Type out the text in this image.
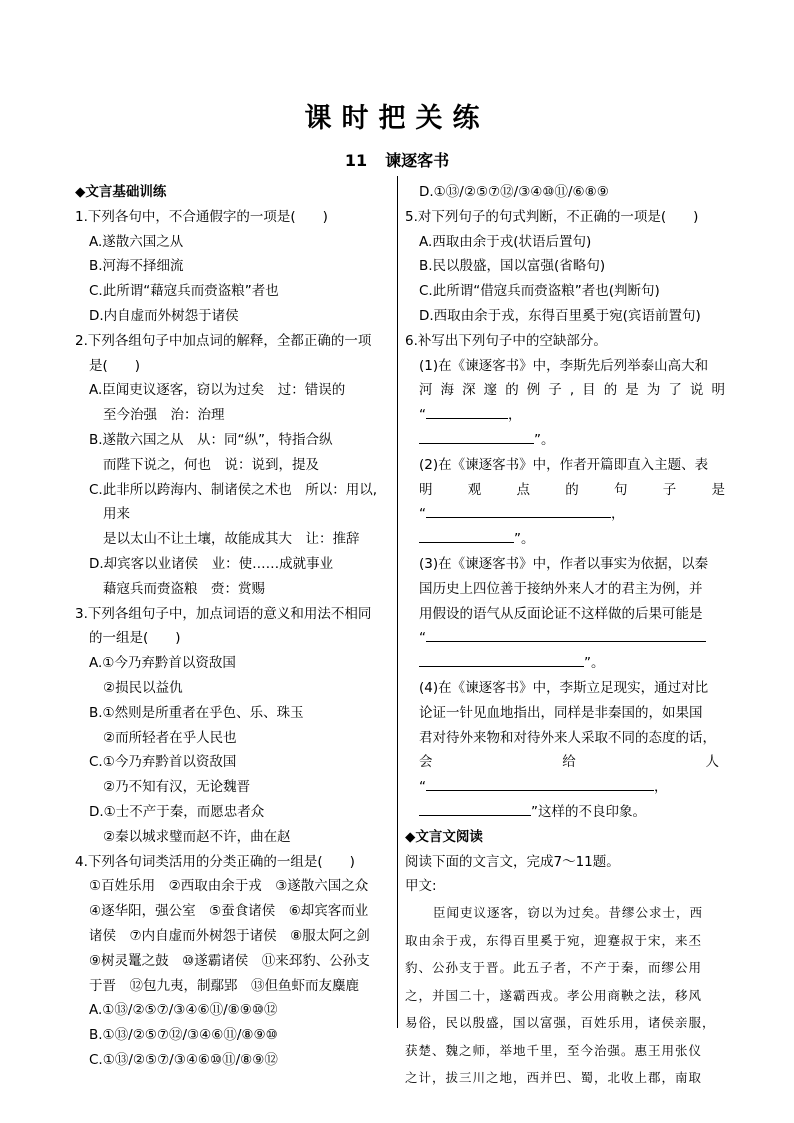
课时把关练
11 谏逐客书
◆文言基础训练
1.下列各句中，不合通假字的一项是(　　)
A.遂散六国之从
B.河海不择细流
C.此所谓“藉寇兵而赍盗粮”者也
D.内自虚而外树怨于诸侯
2.下列各组句子中加点词的解释，全都正确的一项
是(　　)
A.臣闻吏议逐客，窃以为过矣　过：错误的
至今治强　治：治理
B.遂散六国之从　从：同“纵”，特指合纵
而陛下说之，何也　说：说到，提及
C.此非所以跨海内、制诸侯之术也　所以：用以,
用来
是以太山不让土壤，故能成其大　让：推辞
D.却宾客以业诸侯　业：使……成就事业
藉寇兵而赍盗粮　赍：赏赐
3.下列各组句子中，加点词语的意义和用法不相同
的一组是(　　)
A.①今乃弃黔首以资敌国
②损民以益仇
B.①然则是所重者在乎色、乐、珠玉
②而所轻者在乎人民也
C.①今乃弃黔首以资敌国
②乃不知有汉，无论魏晋
D.①士不产于秦，而愿忠者众
②秦以城求璧而赵不许，曲在赵
4.下列各句词类活用的分类正确的一组是(　　)
①百姓乐用　②西取由余于戎　③遂散六国之众
④逐华阳，强公室　⑤蚕食诸侯　⑥却宾客而业
诸侯　⑦内自虚而外树怨于诸侯　⑧服太阿之剑
⑨树灵鼍之鼓　⑩遂霸诸侯　⑪来邳豹、公孙支
于晋　⑫包九夷，制鄢郢　⑬但鱼虾而友麋鹿
A.①⑬/②⑤⑦/③④⑥⑪/⑧⑨⑩⑫
B.①⑬/②⑤⑦⑫/③④⑥⑪/⑧⑨⑩
C.①⑬/②⑤⑦/③④⑥⑩⑪/⑧⑨⑫
D.①⑬/②⑤⑦⑫/③④⑩⑪/⑥⑧⑨
5.对下列句子的句式判断，不正确的一项是(　　)
A.西取由余于戎(状语后置句)
B.民以殷盛，国以富强(省略句)
C.此所谓“借寇兵而赍盗粮”者也(判断句)
D.西取由余于戎，东得百里奚于宛(宾语前置句)
6.补写出下列句子中的空缺部分。
(1)在《谏逐客书》中，李斯先后列举泰山高大和
河 海 深 邃 的 例 子 , 目 的 是 为 了 说 明
“	，
”。
(2)在《谏逐客书》中，作者开篇即直入主题、表
明	观	点	的	句	子	是
“	，
”。
(3)在《谏逐客书》中，作者以事实为依据，以秦
国历史上四位善于接纳外来人才的君主为例，并
用假设的语气从反面论证不这样做的后果可能是
“
”。
(4)在《谏逐客书》中，李斯立足现实，通过对比
论证一针见血地指出，同样是非秦国的，如果国
君对待外来物和对待外来人采取不同的态度的话，
会	给	人
“	，
”这样的不良印象。
◆文言文阅读
阅读下面的文言文，完成7～11题。
甲文:
臣闻吏议逐客，窃以为过矣。昔缪公求士，西
取由余于戎，东得百里奚于宛，迎蹇叔于宋，来丕
豹、公孙支于晋。此五子者，不产于秦，而缪公用
之，并国二十，遂霸西戎。孝公用商鞅之法，移风
易俗，民以殷盛，国以富强，百姓乐用，诸侯亲服，
获楚、魏之师，举地千里，至今治强。惠王用张仪
之计，拔三川之地，西并巴、蜀，北收上郡，南取
